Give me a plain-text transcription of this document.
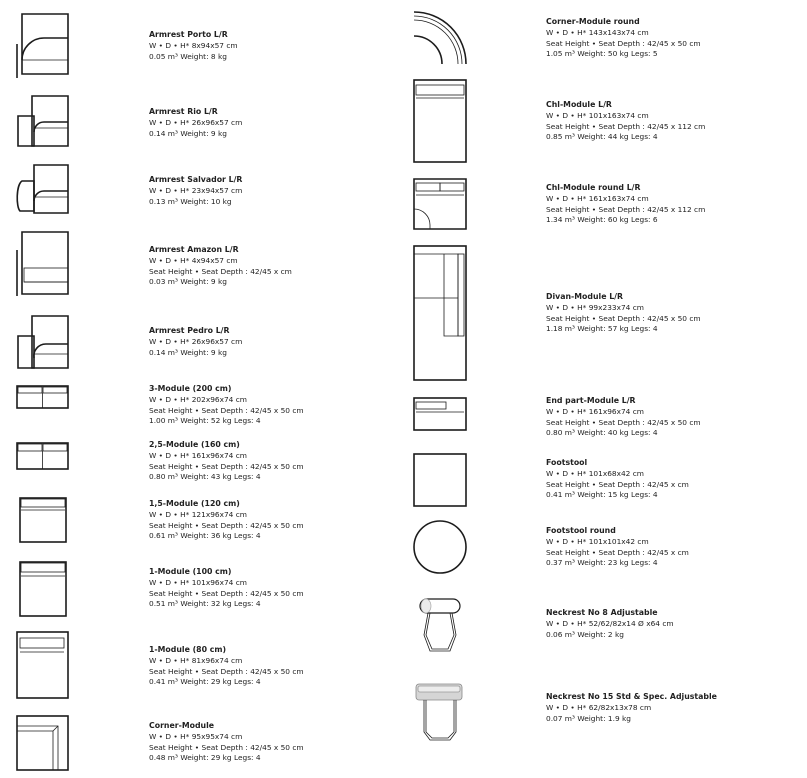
Armrest Porto L/R
W • D • H* 8x94x57 cm
0.05 m³ Weight: 8 kg
Armrest Rio L/R
W • D • H* 26x96x57 cm
0.14 m³ Weight: 9 kg
Armrest Salvador L/R
W • D • H* 23x94x57 cm
0.13 m³ Weight: 10 kg
Armrest Amazon L/R
W • D • H* 4x94x57 cm
Seat Height • Seat Depth : 42/45 x cm
0.03 m³ Weight: 9 kg
Armrest Pedro L/R
W • D • H* 26x96x57 cm
0.14 m³ Weight: 9 kg
3-Module (200 cm)
W • D • H* 202x96x74 cm
Seat Height • Seat Depth : 42/45 x 50 cm
1.00 m³ Weight: 52 kg Legs: 4
2,5-Module (160 cm)
W • D • H* 161x96x74 cm
Seat Height • Seat Depth : 42/45 x 50 cm
0.80 m³ Weight: 43 kg Legs: 4
1,5-Module (120 cm)
W • D • H* 121x96x74 cm
Seat Height • Seat Depth : 42/45 x 50 cm
0.61 m³ Weight: 36 kg Legs: 4
1-Module (100 cm)
W • D • H* 101x96x74 cm
Seat Height • Seat Depth : 42/45 x 50 cm
0.51 m³ Weight: 32 kg Legs: 4
1-Module (80 cm)
W • D • H* 81x96x74 cm
Seat Height • Seat Depth : 42/45 x 50 cm
0.41 m³ Weight: 29 kg Legs: 4
Corner-Module
W • D • H* 95x95x74 cm
Seat Height • Seat Depth : 42/45 x 50 cm
0.48 m³ Weight: 29 kg Legs: 4
Corner-Module round
W • D • H* 143x143x74 cm
Seat Height • Seat Depth : 42/45 x 50 cm
1.05 m³ Weight: 50 kg Legs: 5
Chl-Module L/R
W • D • H* 101x163x74 cm
Seat Height • Seat Depth : 42/45 x 112 cm
0.85 m³ Weight: 44 kg Legs: 4
Chl-Module round L/R
W • D • H* 161x163x74 cm
Seat Height • Seat Depth : 42/45 x 112 cm
1.34 m³ Weight: 60 kg Legs: 6
Divan-Module L/R
W • D • H* 99x233x74 cm
Seat Height • Seat Depth : 42/45 x 50 cm
1.18 m³ Weight: 57 kg Legs: 4
End part-Module L/R
W • D • H* 161x96x74 cm
Seat Height • Seat Depth : 42/45 x 50 cm
0.80 m³ Weight: 40 kg Legs: 4
Footstool
W • D • H* 101x68x42 cm
Seat Height • Seat Depth : 42/45 x cm
0.41 m³ Weight: 15 kg Legs: 4
Footstool round
W • D • H* 101x101x42 cm
Seat Height • Seat Depth : 42/45 x cm
0.37 m³ Weight: 23 kg Legs: 4
Neckrest No 8 Adjustable
W • D • H* 52/62/82x14 Ø x64 cm
0.06 m³ Weight: 2 kg
Neckrest No 15 Std & Spec. Adjustable
W • D • H* 62/82x13x78 cm
0.07 m³ Weight: 1.9 kg
